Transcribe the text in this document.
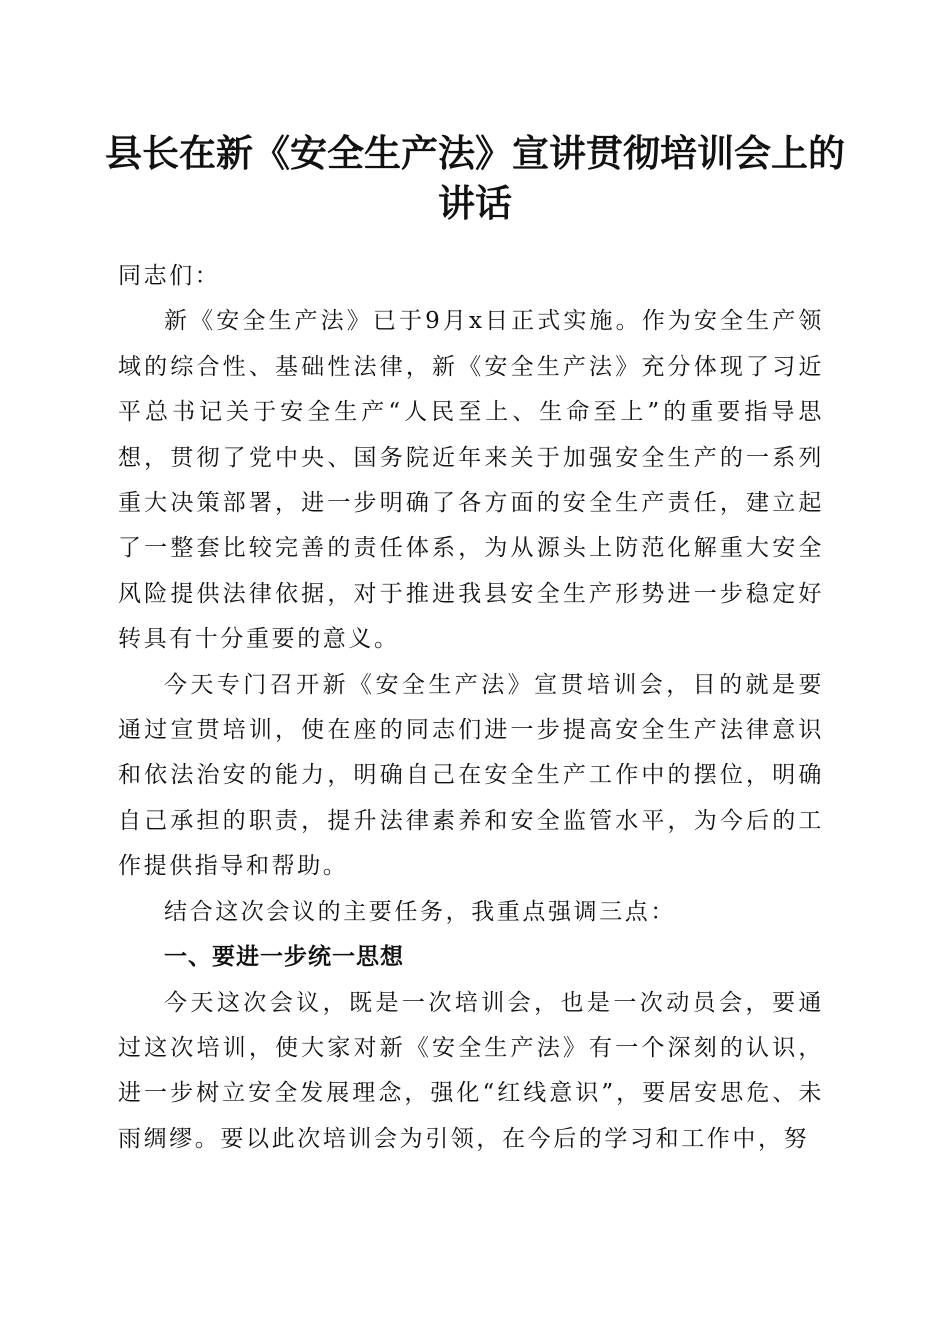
县长在新《安全生产法》宣讲贯彻培训会上的
讲话

同志们：

新《安全生产法》已于9月x日正式实施。作为安全生产领域的综合性、基础性法律，新《安全生产法》充分体现了习近平总书记关于安全生产“人民至上、生命至上”的重要指导思想，贯彻了党中央、国务院近年来关于加强安全生产的一系列重大决策部署，进一步明确了各方面的安全生产责任，建立起了一整套比较完善的责任体系，为从源头上防范化解重大安全风险提供法律依据，对于推进我县安全生产形势进一步稳定好转具有十分重要的意义。

今天专门召开新《安全生产法》宣贯培训会，目的就是要通过宣贯培训，使在座的同志们进一步提高安全生产法律意识和依法治安的能力，明确自己在安全生产工作中的摆位，明确自己承担的职责，提升法律素养和安全监管水平，为今后的工作提供指导和帮助。

结合这次会议的主要任务，我重点强调三点：

一、要进一步统一思想

今天这次会议，既是一次培训会，也是一次动员会，要通过这次培训，使大家对新《安全生产法》有一个深刻的认识，进一步树立安全发展理念，强化“红线意识”，要居安思危、未雨绸缪。要以此次培训会为引领，在今后的学习和工作中，努
